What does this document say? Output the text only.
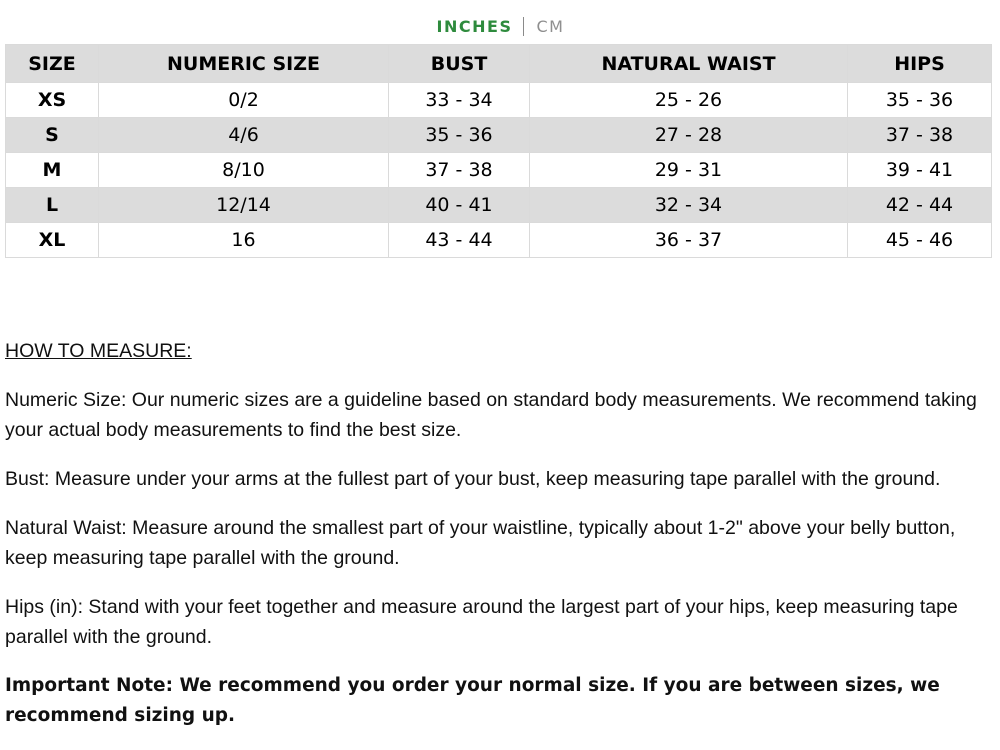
INCHES CM
SIZE	NUMERIC SIZE	BUST	NATURAL WAIST	HIPS
XS	0/2	33 - 34	25 - 26	35 - 36
S	4/6	35 - 36	27 - 28	37 - 38
M	8/10	37 - 38	29 - 31	39 - 41
L	12/14	40 - 41	32 - 34	42 - 44
XL	16	43 - 44	36 - 37	45 - 46

HOW TO MEASURE:

Numeric Size: Our numeric sizes are a guideline based on standard body measurements. We recommend taking your actual body measurements to find the best size.

Bust: Measure under your arms at the fullest part of your bust, keep measuring tape parallel with the ground.

Natural Waist: Measure around the smallest part of your waistline, typically about 1-2" above your belly button, keep measuring tape parallel with the ground.

Hips (in): Stand with your feet together and measure around the largest part of your hips, keep measuring tape parallel with the ground.

Important Note: We recommend you order your normal size. If you are between sizes, we recommend sizing up.
